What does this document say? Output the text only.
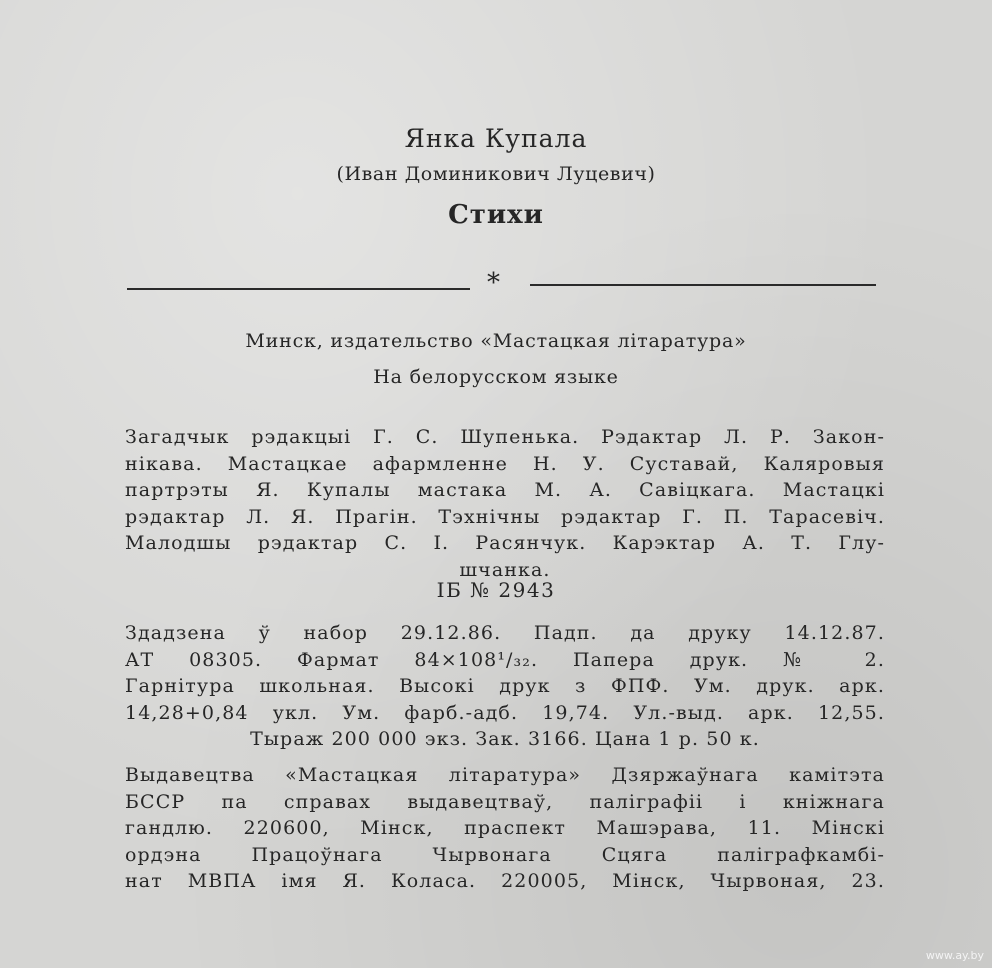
Янка Купала

(Иван Доминикович Луцевич)

Стихи

*

Минск, издательство «Мастацкая літаратура»

На белорусском языке

Загадчык рэдакцыі Г. С. Шупенька. Рэдактар Л. Р. Закон-
нікава. Мастацкае афармленне Н. У. Суставай, Каляровыя
партрэты Я. Купалы мастака М. А. Савіцкага. Мастацкі
рэдактар Л. Я. Прагін. Тэхнічны рэдактар Г. П. Тарасевіч.
Малодшы рэдактар С. І. Расянчук. Карэктар А. Т. Глу-
шчанка.

ІБ № 2943

Здадзена ў набор 29.12.86. Падп. да друку 14.12.87.
АТ 08305. Фармат 84×108¹/₃₂. Папера друк. № 2.
Гарнітура школьная. Высокі друк з ФПФ. Ум. друк. арк.
14,28+0,84 укл. Ум. фарб.-адб. 19,74. Ул.-выд. арк. 12,55.
Тыраж 200 000 экз. Зак. 3166. Цана 1 р. 50 к.
Выдавецтва «Мастацкая літаратура» Дзяржаўнага камітэта
БССР па справах выдавецтваў, паліграфіі і кніжнага
гандлю. 220600, Мінск, праспект Машэрава, 11. Мінскі
ордэна Працоўнага Чырвонага Сцяга паліграфкамбі-
нат МВПА імя Я. Коласа. 220005, Мінск, Чырвоная, 23.
www.ay.by
